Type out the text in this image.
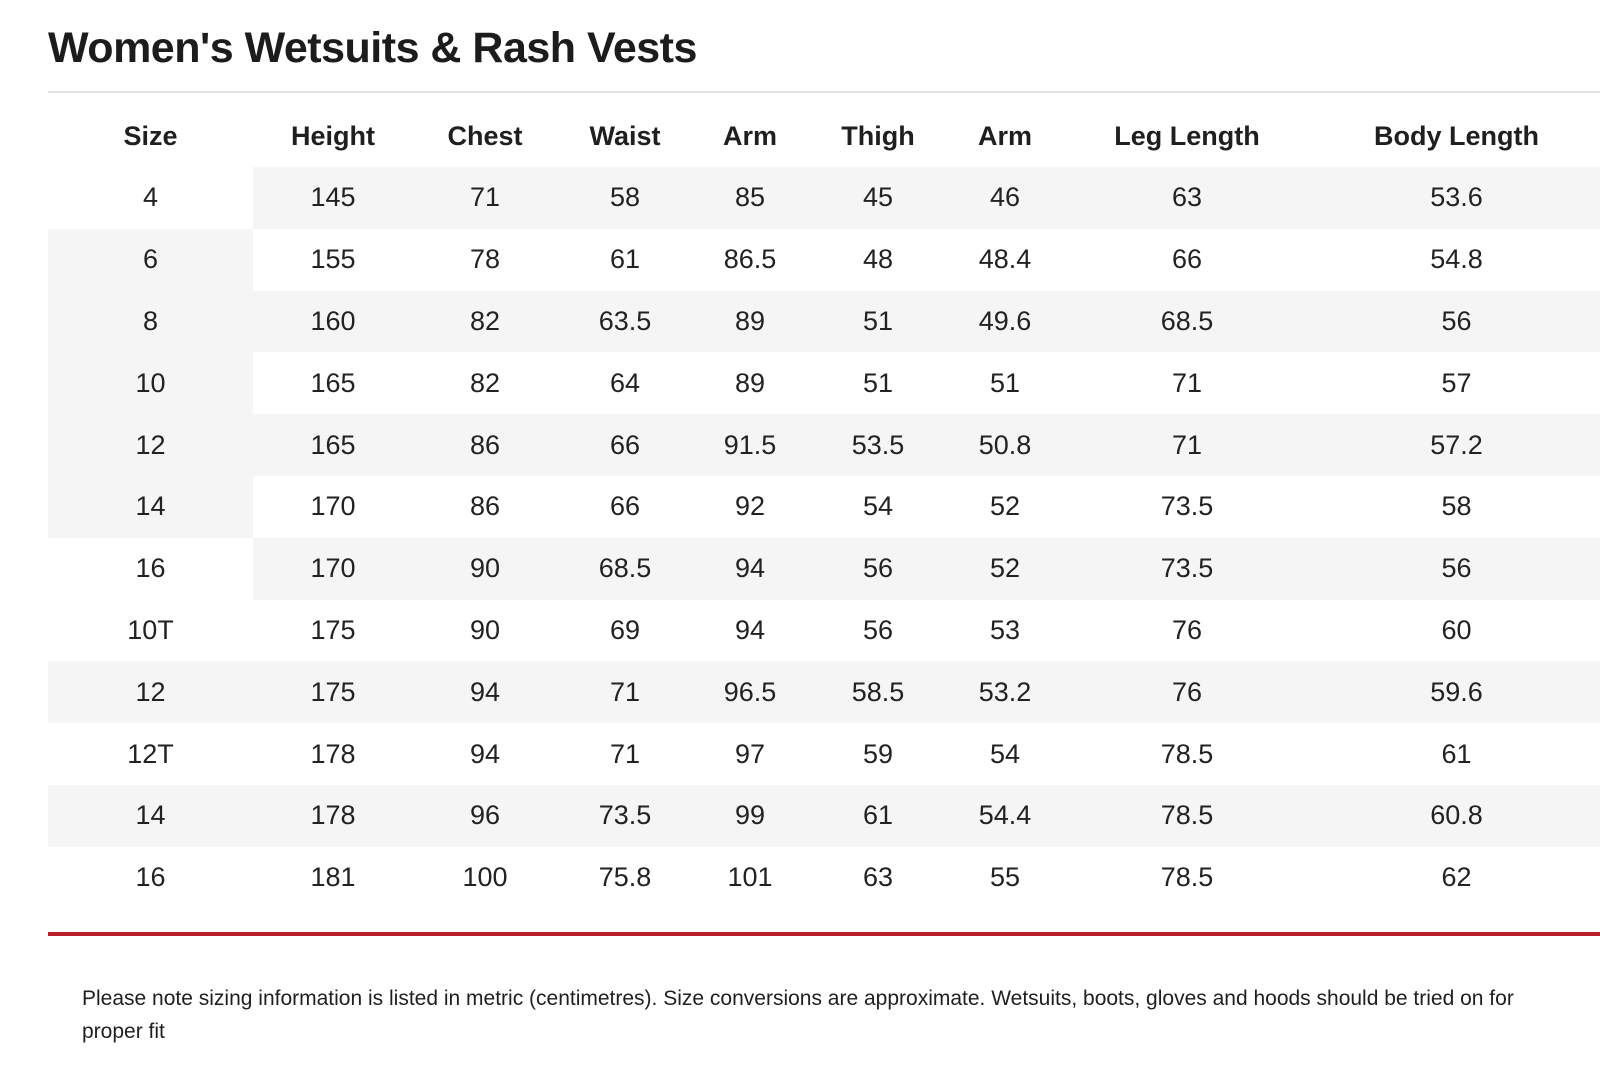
Women's Wetsuits & Rash Vests
Size	Height	Chest	Waist	Arm	Thigh	Arm	Leg Length	Body Length
4	145	71	58	85	45	46	63	53.6
6	155	78	61	86.5	48	48.4	66	54.8
8	160	82	63.5	89	51	49.6	68.5	56
10	165	82	64	89	51	51	71	57
12	165	86	66	91.5	53.5	50.8	71	57.2
14	170	86	66	92	54	52	73.5	58
16	170	90	68.5	94	56	52	73.5	56
10T	175	90	69	94	56	53	76	60
12	175	94	71	96.5	58.5	53.2	76	59.6
12T	178	94	71	97	59	54	78.5	61
14	178	96	73.5	99	61	54.4	78.5	60.8
16	181	100	75.8	101	63	55	78.5	62

Please note sizing information is listed in metric (centimetres). Size conversions are approximate. Wetsuits, boots, gloves and hoods should be tried on for proper fit
